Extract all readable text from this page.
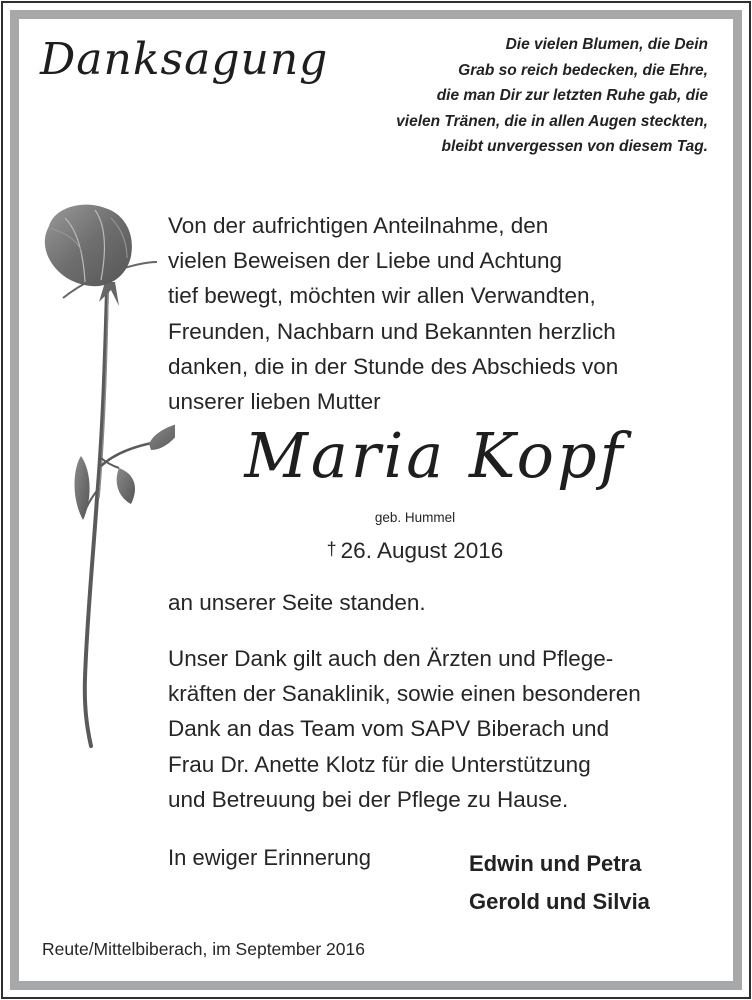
Danksagung	Die vielen Blumen, die Dein
Grab so reich bedecken, die Ehre,
die man Dir zur letzten Ruhe gab, die
vielen Tränen, die in allen Augen steckten,
bleibt unvergessen von diesem Tag.
Von der aufrichtigen Anteilnahme, den
vielen Beweisen der Liebe und Achtung
tief bewegt, möchten wir allen Verwandten,
Freunden, Nachbarn und Bekannten herzlich
danken, die in der Stunde des Abschieds von
unserer lieben Mutter
Maria Kopf
geb. Hummel
† 26. August 2016
an unserer Seite standen.
Unser Dank gilt auch den Ärzten und Pflege-
kräften der Sanaklinik, sowie einen besonderen
Dank an das Team vom SAPV Biberach und
Frau Dr. Anette Klotz für die Unterstützung
und Betreuung bei der Pflege zu Hause.
In ewiger Erinnerung	Edwin und Petra
Gerold und Silvia
Reute/Mittelbiberach, im September 2016
